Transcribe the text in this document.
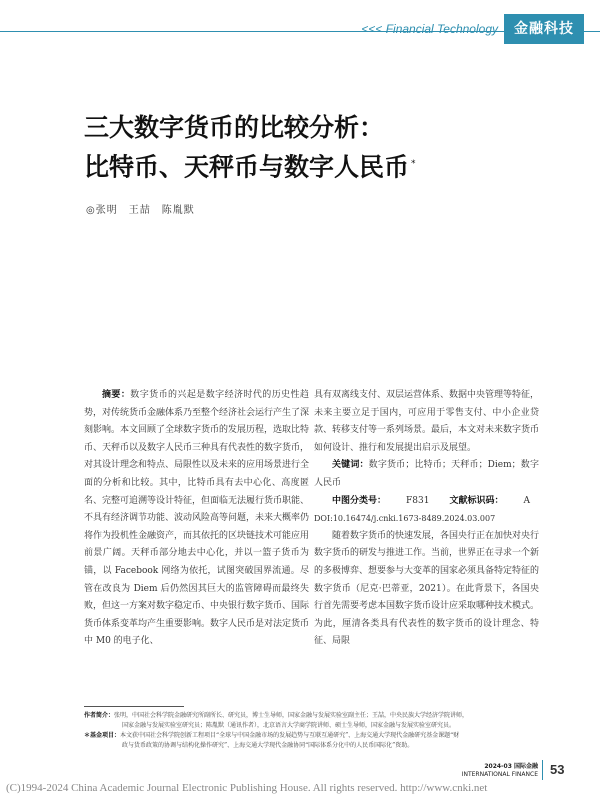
<<< Financial Technology	金融科技
三大数字货币的比较分析：
比特币、天秤币与数字人民币 *
◎张明　王喆　陈胤默
摘要：数字货币的兴起是数字经济时代的历史性趋势，对传统货币金融体系乃至整个经济社会运行产生了深刻影响。本文回顾了全球数字货币的发展历程，选取比特币、天秤币以及数字人民币三种具有代表性的数字货币，对其设计理念和特点、局限性以及未来的应用场景进行全面的分析和比较。其中，比特币具有去中心化、高度匿名、完整可追溯等设计特征，但面临无法履行货币职能、不具有经济调节功能、波动风险高等问题，未来大概率仍将作为投机性金融资产，而其依托的区块链技术可能应用前景广阔。天秤币部分地去中心化，并以一篮子货币为锚，以 Facebook 网络为依托，试图突破国界流通。尽管在改良为 Diem 后仍然因其巨大的监管障碍而最终失败，但这一方案对数字稳定币、中央银行数字货币、国际货币体系变革均产生重要影响。数字人民币是对法定货币中 M0 的电子化、

具有双离线支付、双层运营体系、数据中央管理等特征，未来主要立足于国内，可应用于零售支付、中小企业贷款、转移支付等一系列场景。最后，本文对未来数字货币如何设计、推行和发展提出启示及展望。

关键词：数字货币；比特币；天秤币；Diem；数字人民币

中图分类号： F831 文献标识码： A

DOI:10.16474/j.cnki.1673-8489.2024.03.007

随着数字货币的快速发展，各国央行正在加快对央行数字货币的研发与推进工作。当前，世界正在寻求一个新的多极博弈、想要参与大变革的国家必须具备特定特征的数字货币（尼克·巴蒂亚，2021）。在此背景下，各国央行首先需要考虑本国数字货币设计应采取哪种技术模式。为此，厘清各类具有代表性的数字货币的设计理念、特征、局限

作者简介：张明，中国社会科学院金融研究所副所长、研究员，博士生导师，国家金融与发展实验室副主任；王喆，中央民族大学经济学院讲师，

国家金融与发展实验室研究员；陈胤默（通讯作者），北京语言大学商学院讲师、硕士生导师，国家金融与发展实验室研究员。

＊基金项目：本文获中国社会科学院创新工程项目“全球与中国金融市场的发展趋势与互联互通研究”、上海交通大学现代金融研究基金课题“财

政与货币政策的协调与结构化操作研究”、上海交通大学现代金融协同“国际体系分化中的人民币国际化”资助。

2024-03 国际金融
INTERNATIONAL FINANCE 53
(C)1994-2024 China Academic Journal Electronic Publishing House. All rights reserved. http://www.cnki.net
